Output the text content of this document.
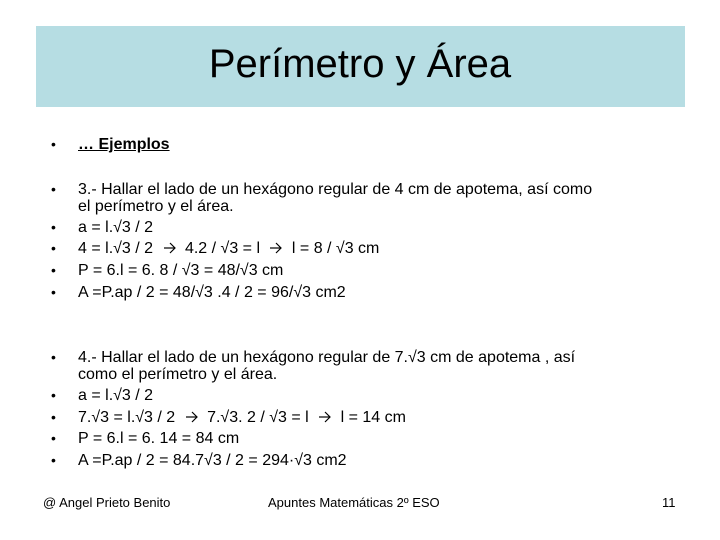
Perímetro y Área
• … Ejemplos
• 3.- Hallar el lado de un hexágono regular de 4 cm de apotema, así como
el perímetro y el área.
• a = l.√3 / 2
• 4 = l.√3 / 2 4.2 / √3 = l l = 8 / √3 cm
• P = 6.l = 6. 8 / √3 = 48/√3 cm
• A =P.ap / 2 = 48/√3 .4 / 2 = 96/√3 cm2
• 4.- Hallar el lado de un hexágono regular de 7.√3 cm de apotema , así
como el perímetro y el área.
• a = l.√3 / 2
• 7.√3 = l.√3 / 2 7.√3. 2 / √3 = l l = 14 cm
• P = 6.l = 6. 14 = 84 cm
• A =P.ap / 2 = 84.7√3 / 2 = 294·√3 cm2
@ Angel Prieto Benito	Apuntes Matemáticas 2º ESO	11
